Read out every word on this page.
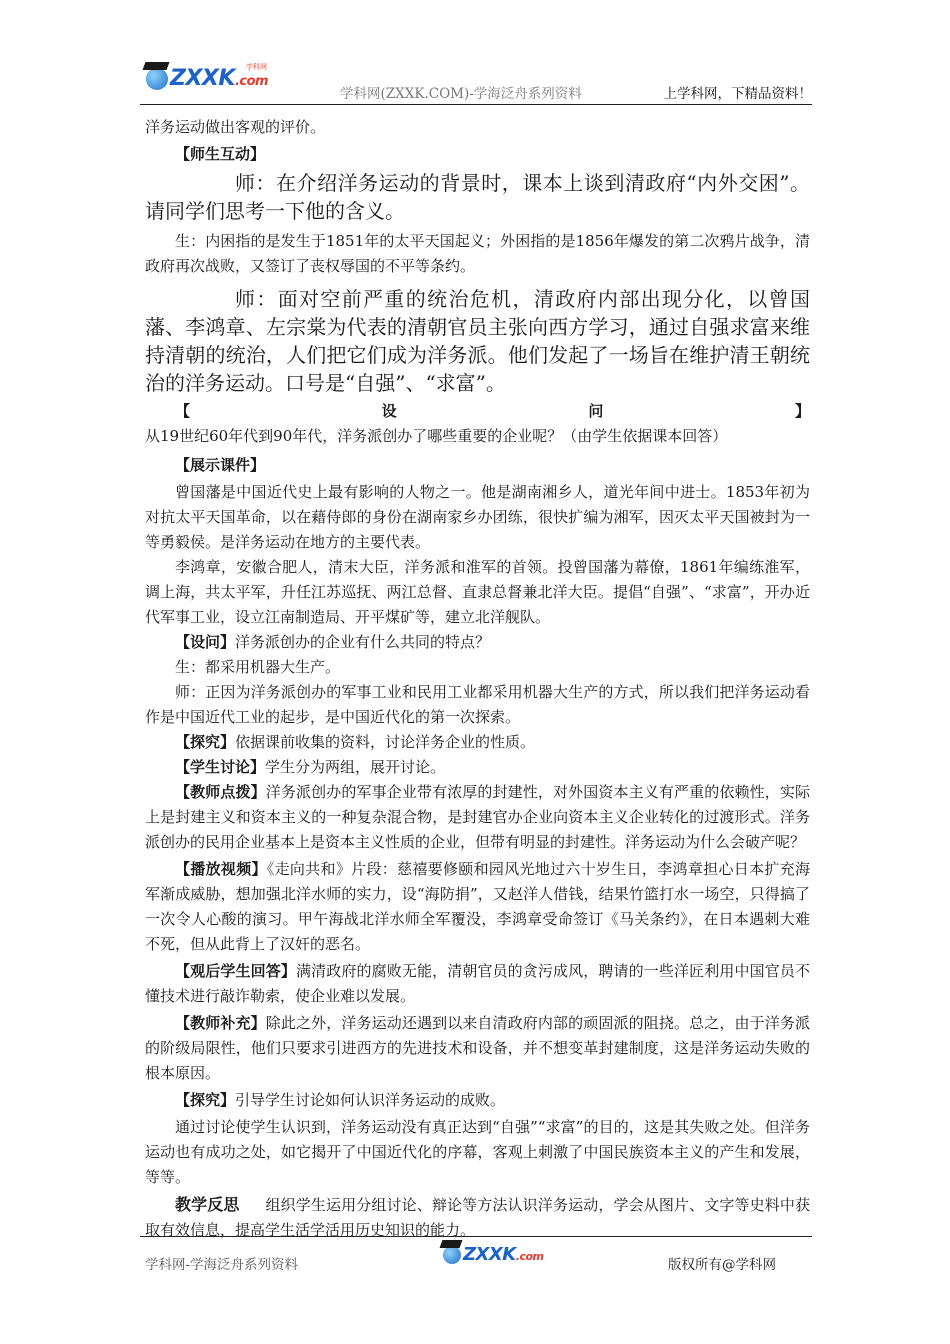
ZXXK.com
学科网
学科网(ZXXK.COM)-学海泛舟系列资料	上学科网，下精品资料！

洋务运动做出客观的评价。

【师生互动】

师：在介绍洋务运动的背景时，课本上谈到清政府“内外交困”。请同学们思考一下他的含义。

生：内困指的是发生于1851年的太平天国起义；外困指的是1856年爆发的第二次鸦片战争，清政府再次战败，又签订了丧权辱国的不平等条约。

师：面对空前严重的统治危机，清政府内部出现分化，以曾国藩、李鸿章、左宗棠为代表的清朝官员主张向西方学习，通过自强求富来维持清朝的统治，人们把它们成为洋务派。他们发起了一场旨在维护清王朝统治的洋务运动。口号是“自强”、“求富”。

【设问】从19世纪60年代到90年代，洋务派创办了哪些重要的企业呢？（由学生依据课本回答）

【展示课件】

曾国藩是中国近代史上最有影响的人物之一。他是湖南湘乡人，道光年间中进士。1853年初为对抗太平天国革命，以在藉侍郎的身份在湖南家乡办团练，很快扩编为湘军，因灭太平天国被封为一等勇毅侯。是洋务运动在地方的主要代表。

李鸿章，安徽合肥人，清末大臣，洋务派和淮军的首领。投曾国藩为幕僚，1861年编练淮军，调上海，共太平军，升任江苏巡抚、两江总督、直隶总督兼北洋大臣。提倡“自强”、“求富”，开办近代军事工业，设立江南制造局、开平煤矿等，建立北洋舰队。

【设问】洋务派创办的企业有什么共同的特点？

生：都采用机器大生产。

师：正因为洋务派创办的军事工业和民用工业都采用机器大生产的方式，所以我们把洋务运动看作是中国近代工业的起步，是中国近代化的第一次探索。

【探究】依据课前收集的资料，讨论洋务企业的性质。

【学生讨论】学生分为两组，展开讨论。

【教师点拨】洋务派创办的军事企业带有浓厚的封建性，对外国资本主义有严重的依赖性，实际上是封建主义和资本主义的一种复杂混合物，是封建官办企业向资本主义企业转化的过渡形式。洋务派创办的民用企业基本上是资本主义性质的企业，但带有明显的封建性。洋务运动为什么会破产呢？

【播放视频】《走向共和》片段：慈禧要修颐和园风光地过六十岁生日，李鸿章担心日本扩充海军渐成威胁，想加强北洋水师的实力，设“海防捐”，又赵洋人借钱，结果竹篮打水一场空，只得搞了一次令人心酸的演习。甲午海战北洋水师全军覆没，李鸿章受命签订《马关条约》，在日本遇刺大难不死，但从此背上了汉奸的恶名。

【观后学生回答】满清政府的腐败无能，清朝官员的贪污成风，聘请的一些洋匠利用中国官员不懂技术进行敲诈勒索，使企业难以发展。

【教师补充】除此之外，洋务运动还遇到以来自清政府内部的顽固派的阻挠。总之，由于洋务派的阶级局限性，他们只要求引进西方的先进技术和设备，并不想变革封建制度，这是洋务运动失败的根本原因。

【探究】引导学生讨论如何认识洋务运动的成败。

通过讨论使学生认识到，洋务运动没有真正达到“自强”“求富”的目的，这是其失败之处。但洋务运动也有成功之处，如它揭开了中国近代化的序幕，客观上刺激了中国民族资本主义的产生和发展，等等。

教学反思 组织学生运用分组讨论、辩论等方法认识洋务运动，学会从图片、文字等史料中获取有效信息，提高学生活学活用历史知识的能力。

学科网-学海泛舟系列资料	ZXXK.com
版权所有@学科网
